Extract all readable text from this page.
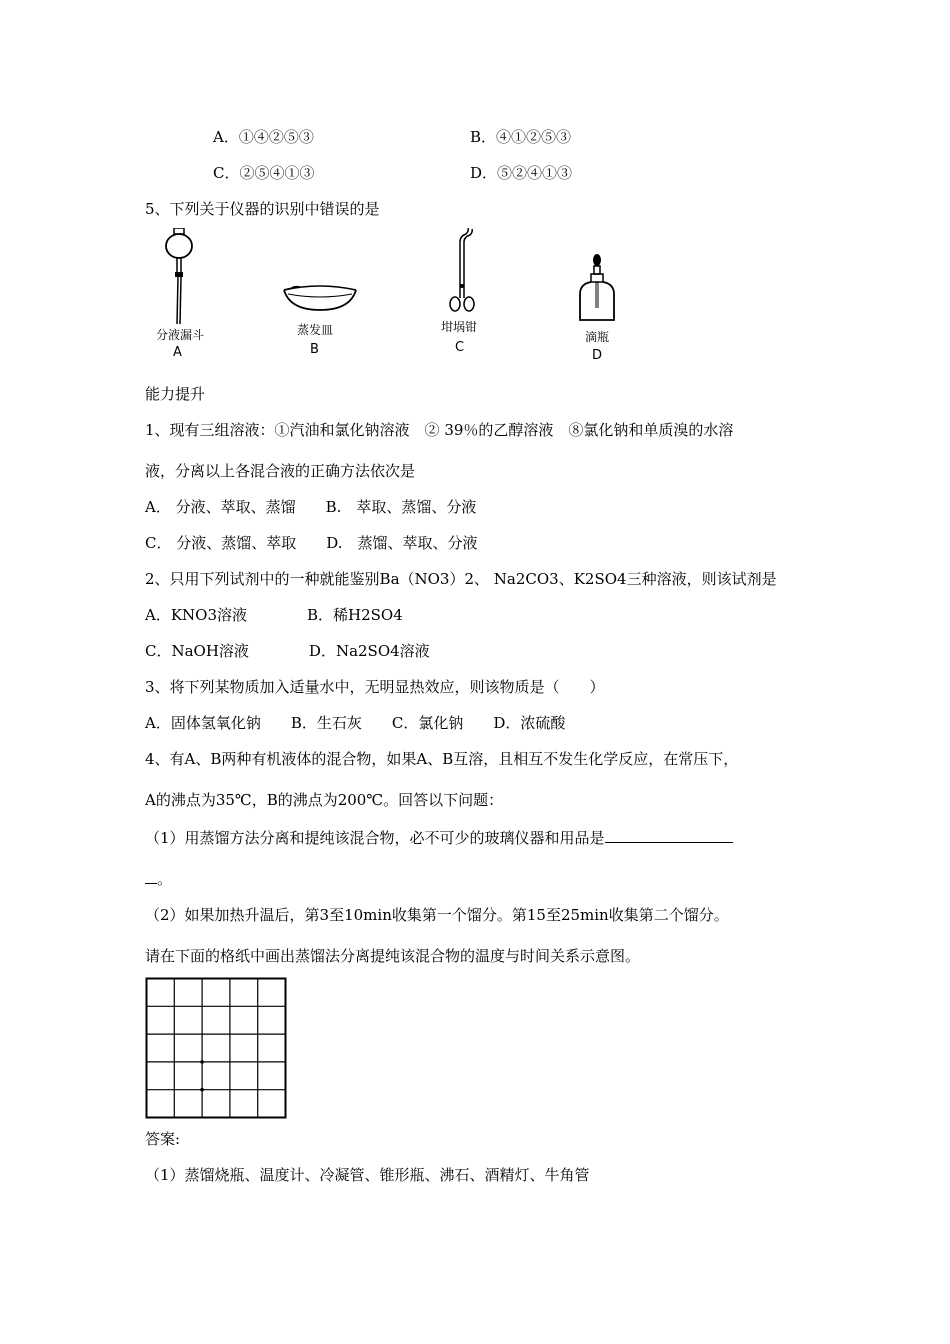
A．①④②⑤③	B．④①②⑤③
C．②⑤④①③	D．⑤②④①③
5、下列关于仪器的识别中错误的是
分液漏斗
A
蒸发皿
B
坩埚钳
C
滴瓶
D
能力提升
1、现有三组溶液：①汽油和氯化钠溶液　② 39％的乙醇溶液　⑧氯化钠和单质溴的水溶
液，分离以上各混合液的正确方法依次是
A． 分液、萃取、蒸馏　　B.　萃取、蒸馏、分液
C． 分液、蒸馏、萃取　　D.　蒸馏、萃取、分液
2、只用下列试剂中的一种就能鉴别Ba（NO3）2、 Na2CO3、K2SO4三种溶液，则该试剂是
A．KNO3溶液　　　　B．稀H2SO4
C．NaOH溶液　　　　D．Na2SO4溶液
3、将下列某物质加入适量水中，无明显热效应，则该物质是（　　）
A．固体氢氧化钠　　B．生石灰　　C．氯化钠　　D．浓硫酸
4、有A、B两种有机液体的混合物，如果A、B互溶，且相互不发生化学反应，在常压下，
A的沸点为35℃，B的沸点为200℃。回答以下问题：
（1）用蒸馏方法分离和提纯该混合物，必不可少的玻璃仪器和用品是
。
（2）如果加热升温后，第3至10min收集第一个馏分。第15至25min收集第二个馏分。
请在下面的格纸中画出蒸馏法分离提纯该混合物的温度与时间关系示意图。
答案:
（1）蒸馏烧瓶、温度计、冷凝管、锥形瓶、沸石、酒精灯、牛角管
